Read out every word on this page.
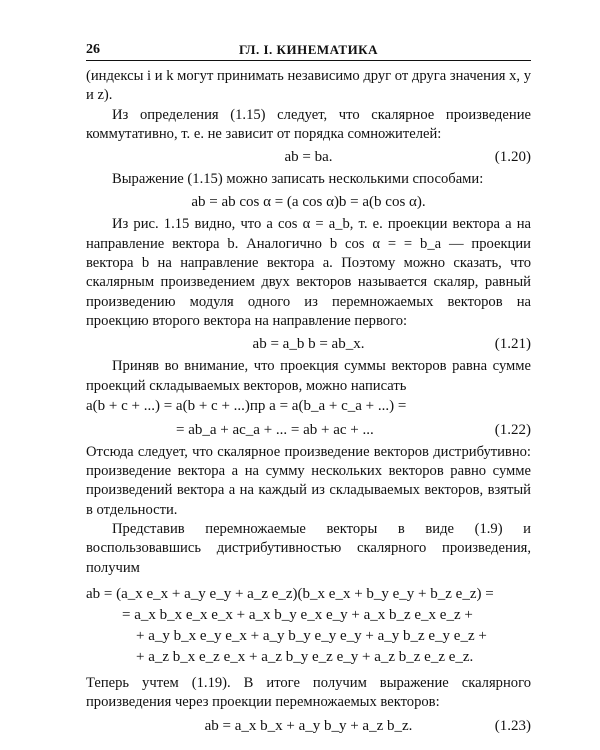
26	ГЛ. I. КИНЕМАТИКА

(индексы i и k могут принимать независимо друг от друга значения x, y и z).

Из определения (1.15) следует, что скалярное произведение коммутативно, т. е. не зависит от порядка сомножителей:

ab = ba.	(1.20)

Выражение (1.15) можно записать несколькими способами:

ab = ab cos α = (a cos α)b = a(b cos α).

Из рис. 1.15 видно, что a cos α = a_b, т. е. проекции вектора a на направление вектора b. Аналогично b cos α = = b_a — проекции вектора b на направление вектора a. Поэтому можно сказать, что скалярным произведением двух векторов называется скаляр, равный произведению модуля одного из перемножаемых векторов на проекцию второго вектора на направление первого:

ab = a_b b = ab_x.	(1.21)

Приняв во внимание, что проекция суммы векторов равна сумме проекций складываемых векторов, можно написать

a(b + c + ...) = a(b + c + ...)пр a = a(b_a + c_a + ...) =
= ab_a + ac_a + ... = ab + ac + ...	(1.22)

Отсюда следует, что скалярное произведение векторов дистрибутивно: произведение вектора a на сумму нескольких векторов равно сумме произведений вектора a на каждый из складываемых векторов, взятый в отдельности.

Представив перемножаемые векторы в виде (1.9) и воспользовавшись дистрибутивностью скалярного произведения, получим

ab = (a_x e_x + a_y e_y + a_z e_z)(b_x e_x + b_y e_y + b_z e_z) =
= a_x b_x e_x e_x + a_x b_y e_x e_y + a_x b_z e_x e_z +
+ a_y b_x e_y e_x + a_y b_y e_y e_y + a_y b_z e_y e_z +
+ a_z b_x e_z e_x + a_z b_y e_z e_y + a_z b_z e_z e_z.

Теперь учтем (1.19). В итоге получим выражение скалярного произведения через проекции перемножаемых векторов:

ab = a_x b_x + a_y b_y + a_z b_z.	(1.23)
